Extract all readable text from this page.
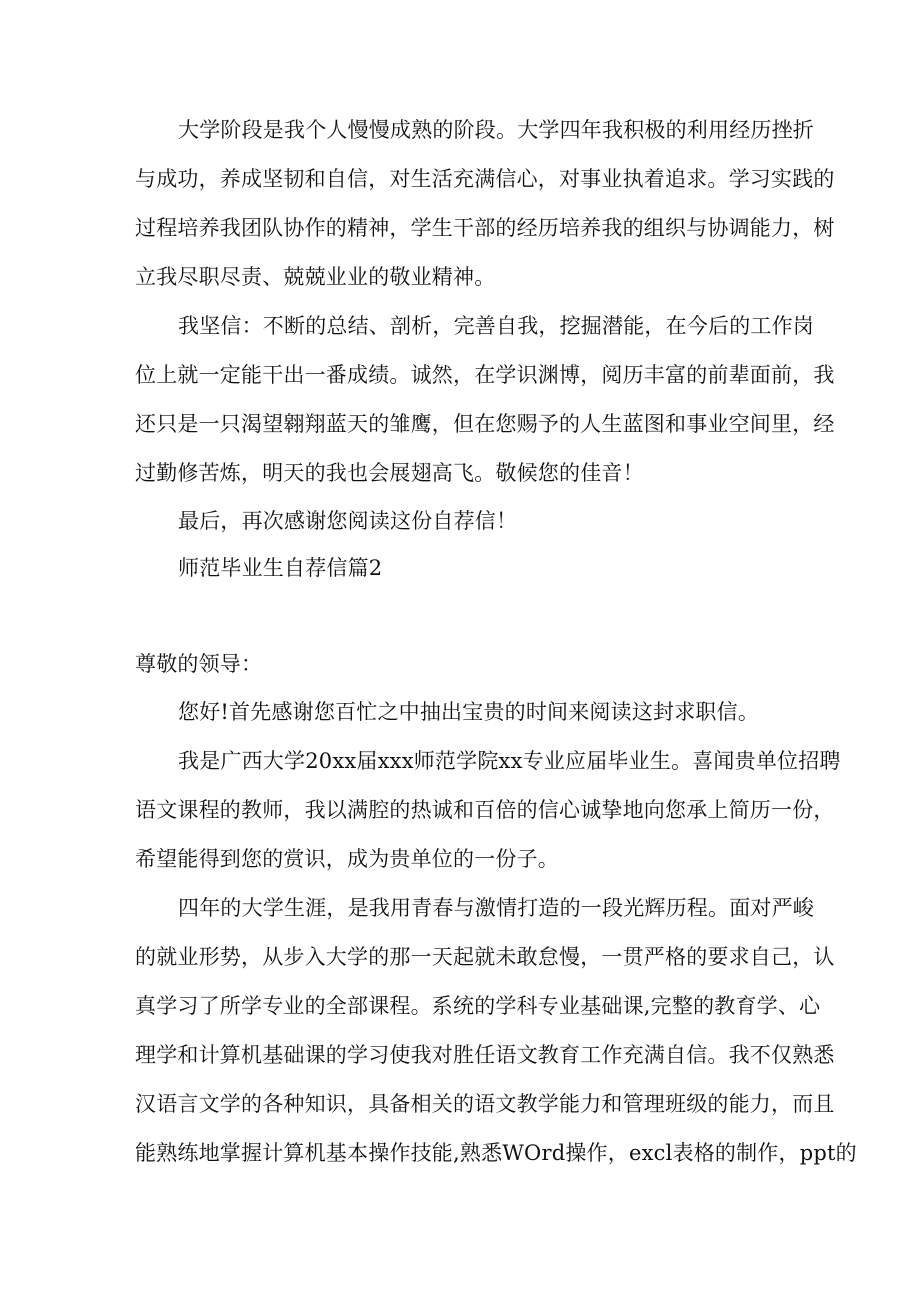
大学阶段是我个人慢慢成熟的阶段。大学四年我积极的利用经历挫折
与成功，养成坚韧和自信，对生活充满信心，对事业执着追求。学习实践的
过程培养我团队协作的精神，学生干部的经历培养我的组织与协调能力，树
立我尽职尽责、兢兢业业的敬业精神。
我坚信：不断的总结、剖析，完善自我，挖掘潜能，在今后的工作岗
位上就一定能干出一番成绩。诚然，在学识渊博，阅历丰富的前辈面前，我
还只是一只渴望翱翔蓝天的雏鹰，但在您赐予的人生蓝图和事业空间里，经
过勤修苦炼，明天的我也会展翅高飞。敬候您的佳音！
最后，再次感谢您阅读这份自荐信！
师范毕业生自荐信篇2
尊敬的领导：
您好!首先感谢您百忙之中抽出宝贵的时间来阅读这封求职信。
我是广西大学20xx届xxx师范学院xx专业应届毕业生。喜闻贵单位招聘
语文课程的教师，我以满腔的热诚和百倍的信心诚挚地向您承上简历一份，
希望能得到您的赏识，成为贵单位的一份子。
四年的大学生涯，是我用青春与激情打造的一段光辉历程。面对严峻
的就业形势，从步入大学的那一天起就未敢怠慢，一贯严格的要求自己，认
真学习了所学专业的全部课程。系统的学科专业基础课,完整的教育学、心
理学和计算机基础课的学习使我对胜任语文教育工作充满自信。我不仅熟悉
汉语言文学的各种知识，具备相关的语文教学能力和管理班级的能力，而且
能熟练地掌握计算机基本操作技能,熟悉WOrd操作，excl表格的制作，ppt的
